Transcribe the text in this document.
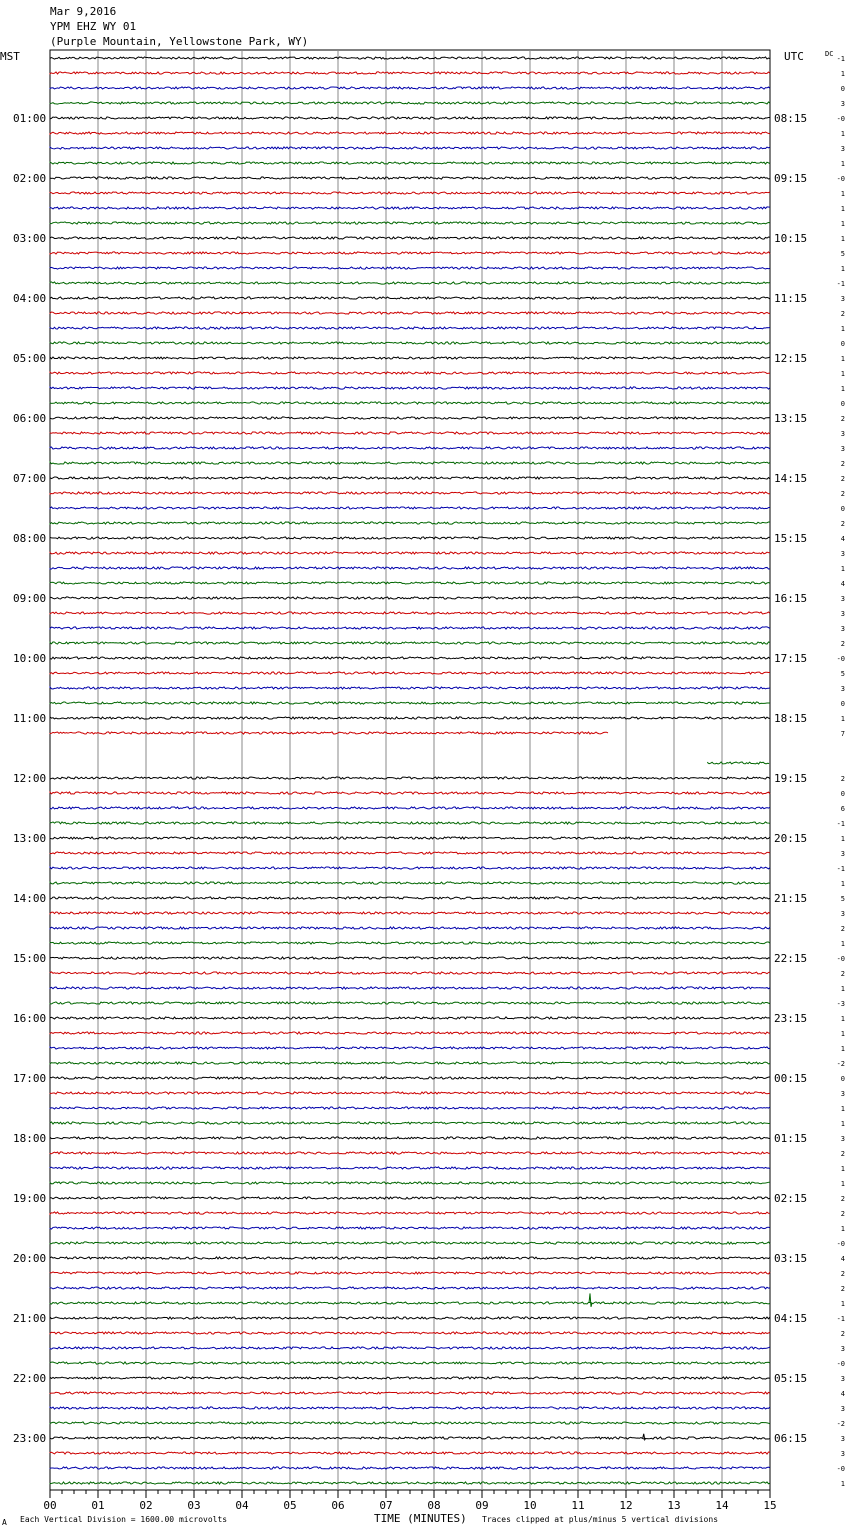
Mar 9,2016
YPM EHZ WY 01
(Purple Mountain, Yellowstone Park, WY)
00	01	02	03	04	05	06	07	08	09	10	11	12	13	14	15
MST	UTC	DC
01:00
02:00
03:00
04:00
05:00
06:00
07:00
08:00
09:00
10:00
11:00
12:00
13:00
14:00
15:00
16:00
17:00
18:00
19:00
20:00
21:00
22:00
23:00
08:15
09:15
10:15
11:15
12:15
13:15
14:15
15:15
16:15
17:15
18:15
19:15
20:15
21:15
22:15
23:15
00:15
01:15
02:15
03:15
04:15
05:15
06:15
-1
1
0
3
-0
1
3
1
-0
1
1
1
1
5
1
-1
3
2
1
0
1
1
1
0
2
3
3
2
2
2
0
2
4
3
1
4
3
3
3
2
-0
5
3
0
1
7
2
0
6
-1
1
3
-1
1
5
3
2
1
-0
2
1
-3
1
1
1
-2
0
3
1
1
3
2
1
1
2
2
1
-0
4
2
2
1
-1
2
3
-0
3
4
3
-2
3
3
-0
1
A Each Vertical Division = 1600.00 microvolts	TIME (MINUTES) Traces clipped at plus/minus 5 vertical divisions
